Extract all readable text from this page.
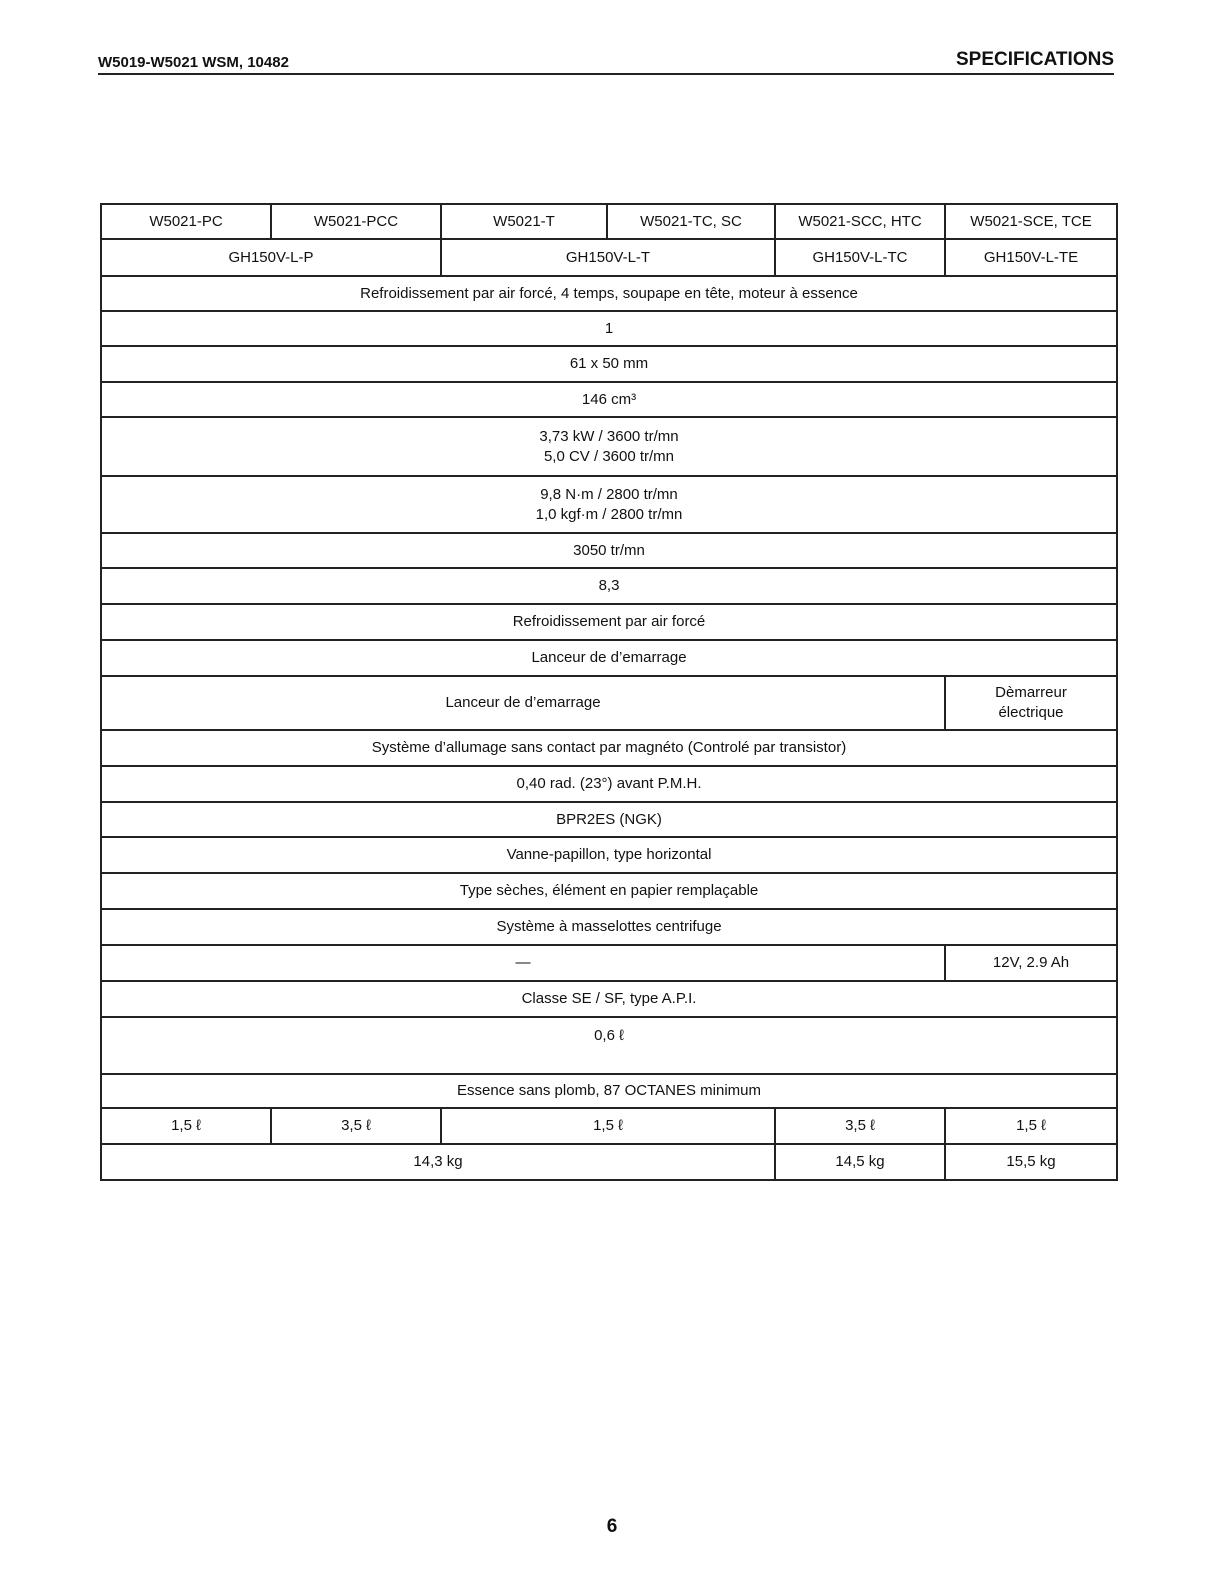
W5019-W5021 WSM, 10482	SPECIFICATIONS
W5021-PC	W5021-PCC	W5021-T	W5021-TC, SC	W5021-SCC, HTC	W5021-SCE, TCE
GH150V-L-P		GH150V-L-T		GH150V-L-TC	GH150V-L-TE
Refroidissement par air forcé, 4 temps, soupape en tête, moteur à essence					
1					
61 x 50 mm					
146 cm³					

3,73 kW / 3600 tr/mn
5,0 CV / 3600 tr/mn					

9,8 N·m / 2800 tr/mn
1,0 kgf·m / 2800 tr/mn					

3050 tr/mn					
8,3					
Refroidissement par air forcé					
Lanceur de d’emarrage					
Lanceur de d’emarrage					Dèmarreur
électrique

Système d’allumage sans contact par magnéto (Controlé par transistor)					
0,40 rad. (23°) avant P.M.H.					
BPR2ES (NGK)					
Vanne-papillon, type horizontal					
Type sèches, élément en papier remplaçable					
Système à masselottes centrifuge					
—					12V, 2.9 Ah
Classe SE / SF, type A.P.I.					
0,6 ℓ					
Essence sans plomb, 87 OCTANES minimum					
1,5 ℓ	3,5 ℓ	1,5 ℓ		3,5 ℓ	1,5 ℓ
14,3 kg				14,5 kg	15,5 kg
6
